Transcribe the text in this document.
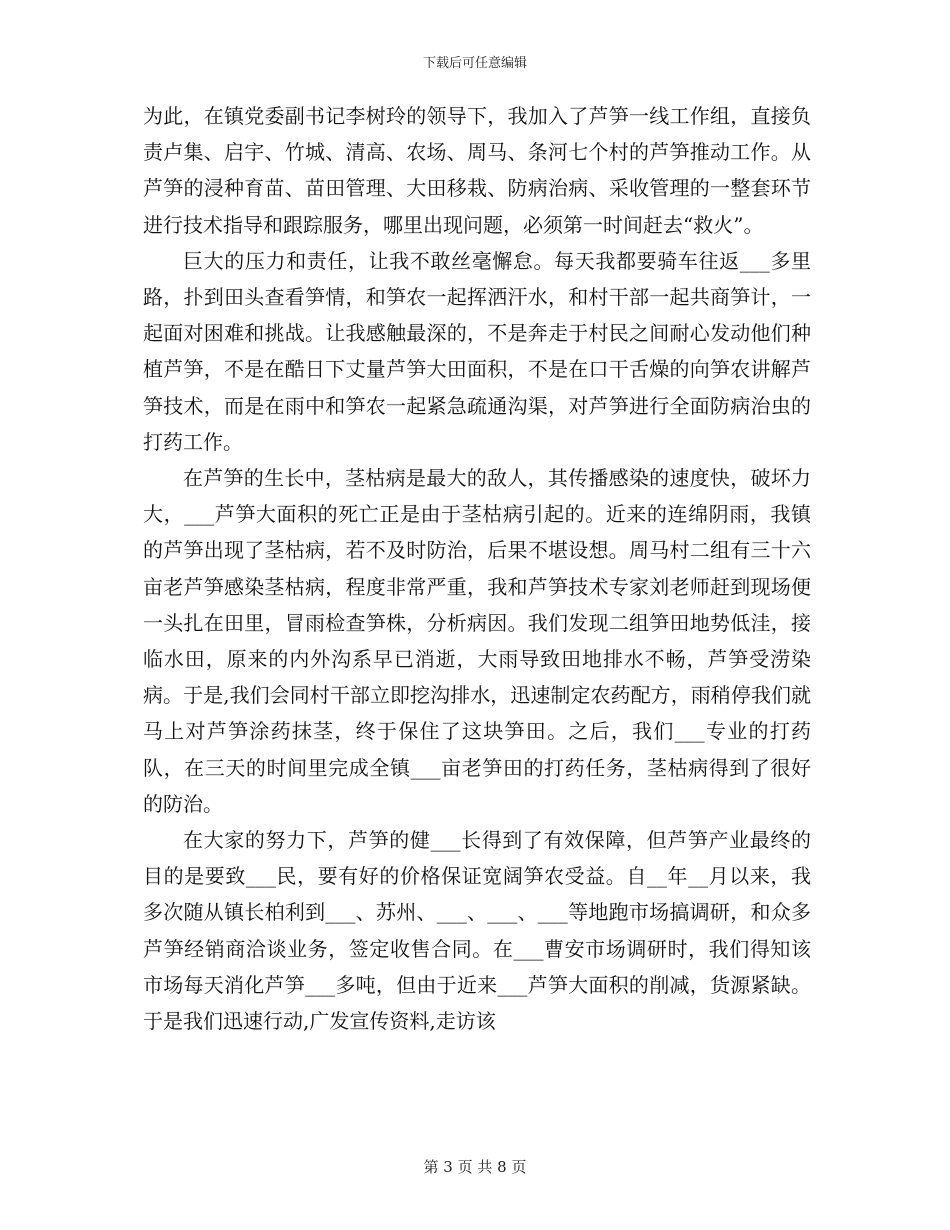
下载后可任意编辑

为此，在镇党委副书记李树玲的领导下，我加入了芦笋一线工作组，直接负责卢集、启宇、竹城、清高、农场、周马、条河七个村的芦笋推动工作。从芦笋的浸种育苗、苗田管理、大田移栽、防病治病、采收管理的一整套环节进行技术指导和跟踪服务，哪里出现问题，必须第一时间赶去“救火”。

巨大的压力和责任，让我不敢丝毫懈怠。每天我都要骑车往返___多里路，扑到田头查看笋情，和笋农一起挥洒汗水，和村干部一起共商笋计，一起面对困难和挑战。让我感触最深的，不是奔走于村民之间耐心发动他们种植芦笋，不是在酷日下丈量芦笋大田面积，不是在口干舌燥的向笋农讲解芦笋技术，而是在雨中和笋农一起紧急疏通沟渠，对芦笋进行全面防病治虫的打药工作。

在芦笋的生长中，茎枯病是最大的敌人，其传播感染的速度快，破坏力大，___芦笋大面积的死亡正是由于茎枯病引起的。近来的连绵阴雨，我镇的芦笋出现了茎枯病，若不及时防治，后果不堪设想。周马村二组有三十六亩老芦笋感染茎枯病，程度非常严重，我和芦笋技术专家刘老师赶到现场便一头扎在田里，冒雨检查笋株，分析病因。我们发现二组笋田地势低洼，接临水田，原来的内外沟系早已消逝，大雨导致田地排水不畅，芦笋受涝染病。于是,我们会同村干部立即挖沟排水，迅速制定农药配方，雨稍停我们就马上对芦笋涂药抹茎，终于保住了这块笋田。之后，我们___专业的打药队，在三天的时间里完成全镇___亩老笋田的打药任务，茎枯病得到了很好的防治。

在大家的努力下，芦笋的健___长得到了有效保障，但芦笋产业最终的目的是要致___民，要有好的价格保证宽阔笋农受益。自__年__月以来，我多次随从镇长柏利到___、苏州、___、___、___等地跑市场搞调研，和众多芦笋经销商洽谈业务，签定收售合同。在___曹安市场调研时，我们得知该市场每天消化芦笋___多吨，但由于近来___芦笋大面积的削减，货源紧缺。于是我们迅速行动,广发宣传资料,走访该

第 3 页 共 8 页
